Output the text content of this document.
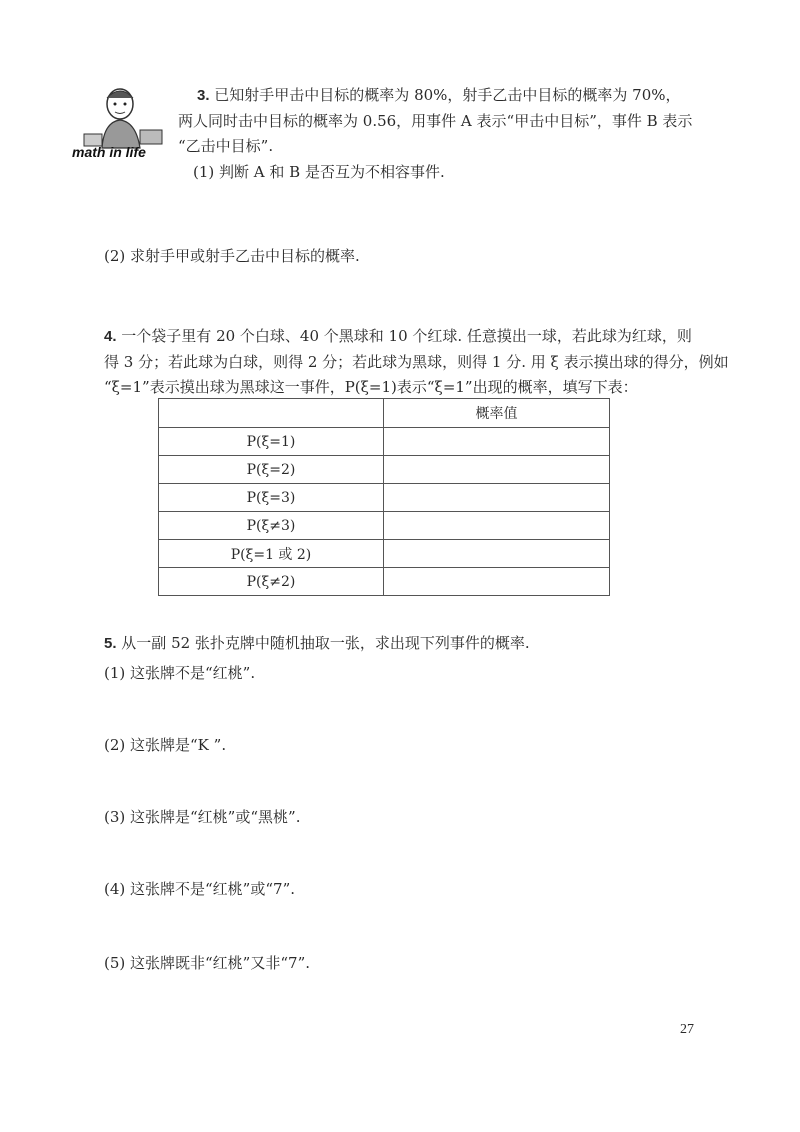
math in life
3. 已知射手甲击中目标的概率为 80%，射手乙击中目标的概率为 70%，
两人同时击中目标的概率为 0.56，用事件 A 表示“甲击中目标”，事件 B 表示
“乙击中目标”.
(1) 判断 A 和 B 是否互为不相容事件.
(2) 求射手甲或射手乙击中目标的概率.
4. 一个袋子里有 20 个白球、40 个黑球和 10 个红球. 任意摸出一球，若此球为红球，则
得 3 分；若此球为白球，则得 2 分；若此球为黑球，则得 1 分. 用 ξ 表示摸出球的得分，例如
“ξ=1”表示摸出球为黑球这一事件，P(ξ=1)表示“ξ=1”出现的概率，填写下表：
	概率值
P(ξ=1)	
P(ξ=2)	
P(ξ=3)	
P(ξ≠3)	
P(ξ=1 或 2)	
P(ξ≠2)	
5. 从一副 52 张扑克牌中随机抽取一张，求出现下列事件的概率.
(1) 这张牌不是“红桃”.
(2) 这张牌是“K ”.
(3) 这张牌是“红桃”或“黑桃”.
(4) 这张牌不是“红桃”或“7”.
(5) 这张牌既非“红桃”又非“7”.
27
